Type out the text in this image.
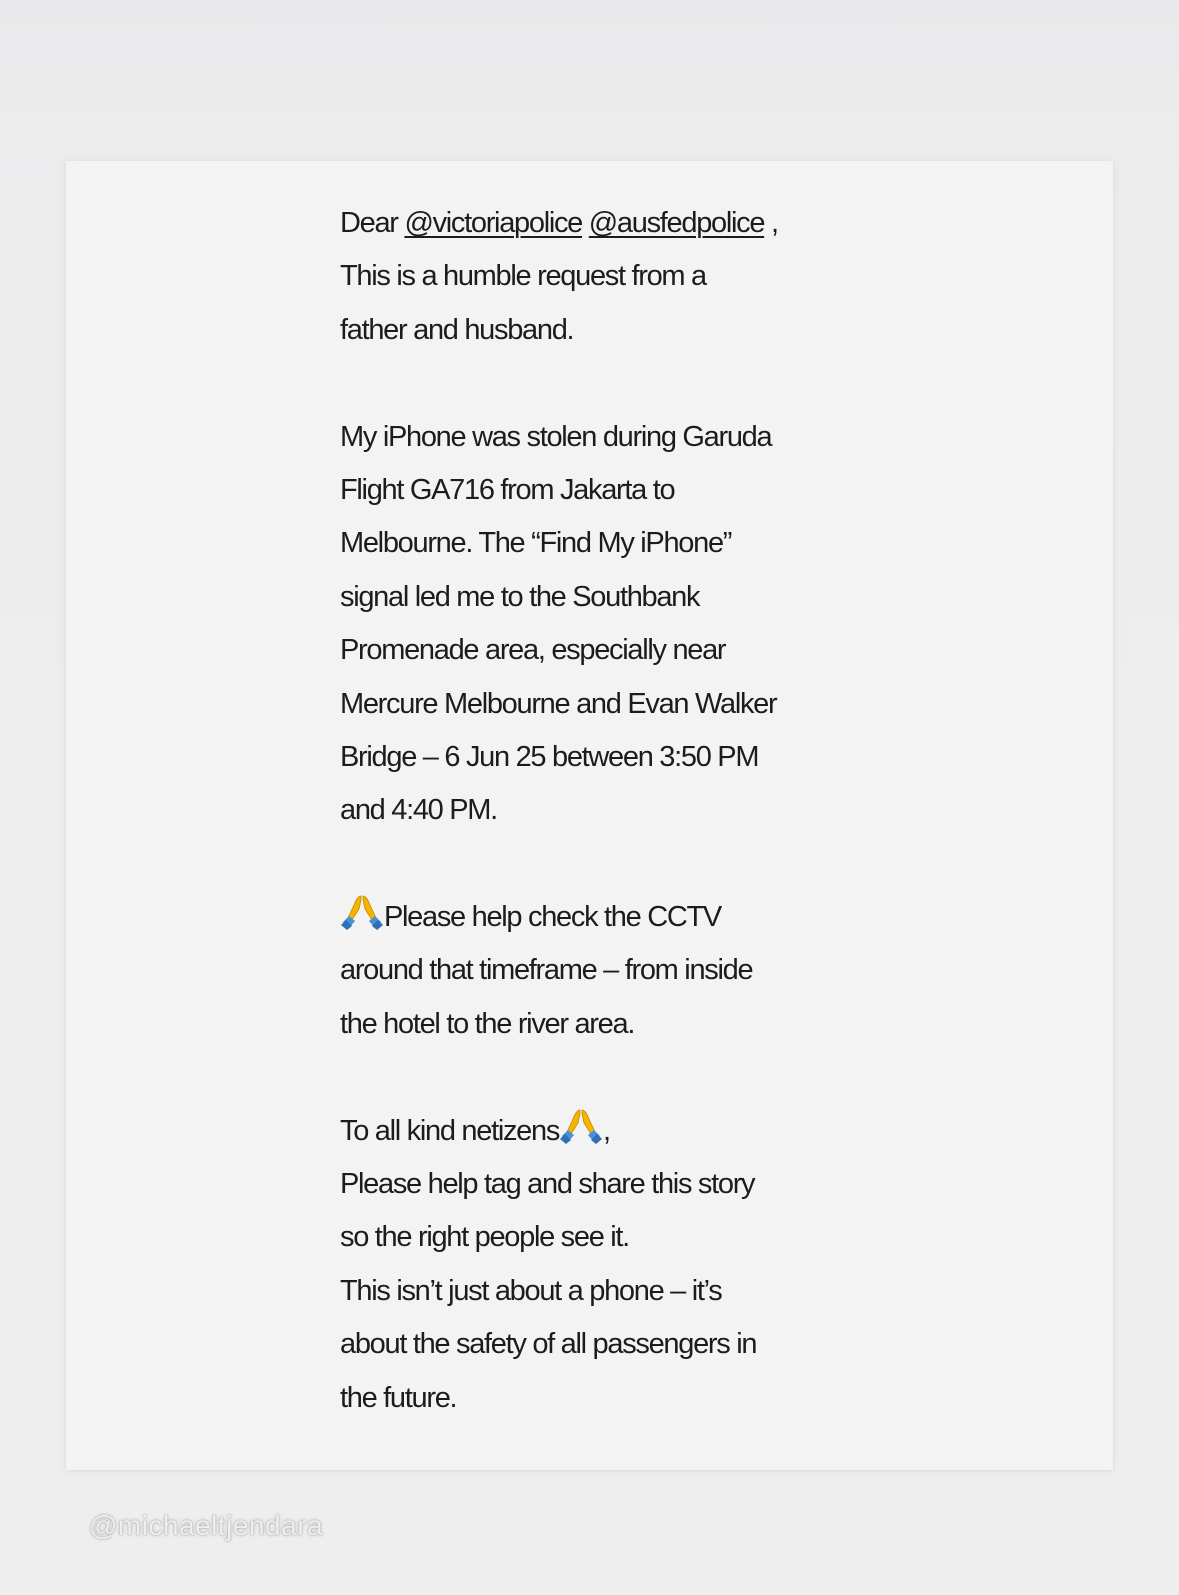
Dear @victoriapolice @ausfedpolice ,
This is a humble request from a
father and husband.
My iPhone was stolen during Garuda
Flight GA716 from Jakarta to
Melbourne. The “Find My iPhone”
signal led me to the Southbank
Promenade area, especially near
Mercure Melbourne and Evan Walker
Bridge – 6 Jun 25 between 3:50 PM
and 4:40 PM.
Please help check the CCTV
around that timeframe – from inside
the hotel to the river area.
To all kind netizens ,
Please help tag and share this story
so the right people see it.
This isn’t just about a phone – it’s
about the safety of all passengers in
the future.
@michaeltjendara
